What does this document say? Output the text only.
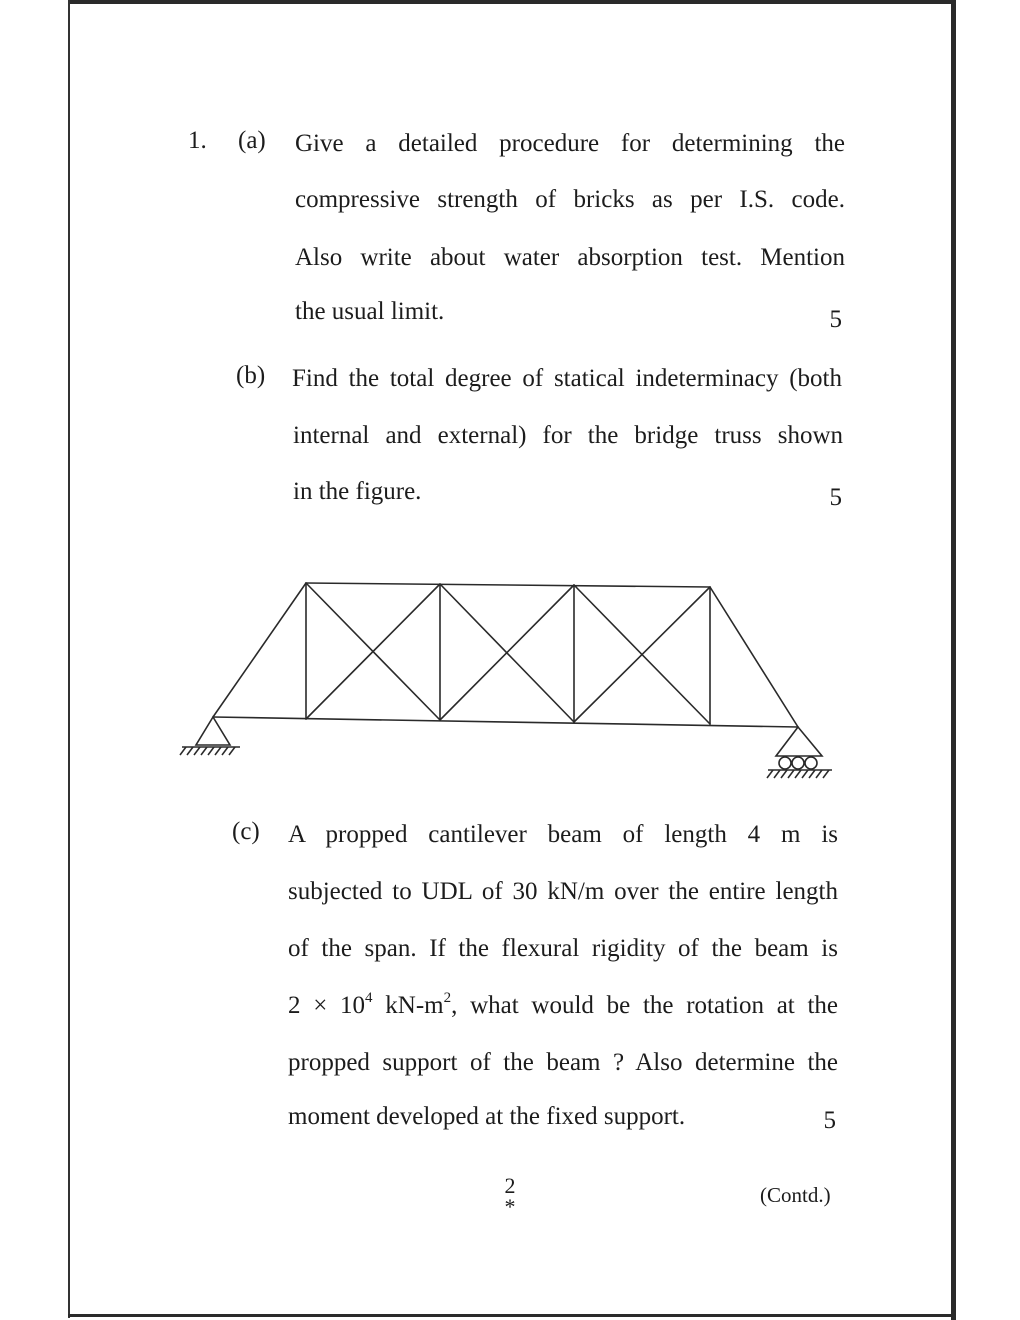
1. (a)	Give a detailed procedure for determining the
compressive strength of bricks as per I.S. code.
Also write about water absorption test. Mention
the usual limit.	5
(b)	Find the total degree of statical indeterminacy (both
internal and external) for the bridge truss shown
in the figure.	5
(c)	A propped cantilever beam of length 4 m is
subjected to UDL of 30 kN/m over the entire length
of the span. If the flexural rigidity of the beam is
$2 \times 10^4$ $kN-m^2$, what would be the rotation at the
propped support of the beam ? Also determine the
moment developed at the fixed support.	5
2
*	(Contd.)
